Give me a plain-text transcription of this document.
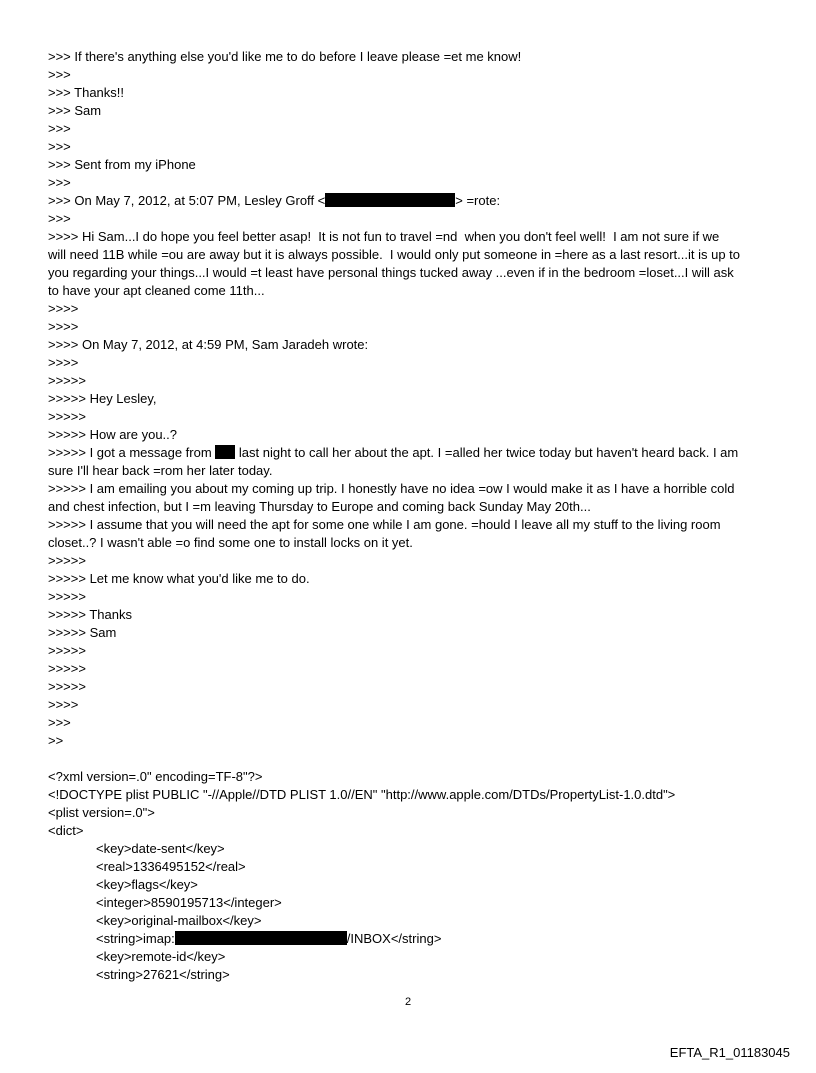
>>> If there's anything else you'd like me to do before I leave please =et me know!
>>>
>>> Thanks!!
>>> Sam
>>>
>>>
>>> Sent from my iPhone
>>>
>>> On May 7, 2012, at 5:07 PM, Lesley Groff <	> =rote:
>>>
>>>> Hi Sam...I do hope you feel better asap!  It is not fun to travel =nd  when you don't feel well!  I am not sure if we
will need 11B while =ou are away but it is always possible.  I would only put someone in =here as a last resort...it is up to
you regarding your things...I would =t least have personal things tucked away ...even if in the bedroom =loset...I will ask
to have your apt cleaned come 11th...
>>>>
>>>>
>>>> On May 7, 2012, at 4:59 PM, Sam Jaradeh wrote:
>>>>
>>>>>
>>>>> Hey Lesley,
>>>>>
>>>>> How are you..?
>>>>> I got a message from  last night to call her about the apt. I =alled her twice today but haven't heard back. I am
sure I'll hear back =rom her later today.
>>>>> I am emailing you about my coming up trip. I honestly have no idea =ow I would make it as I have a horrible cold
and chest infection, but I =m leaving Thursday to Europe and coming back Sunday May 20th...
>>>>> I assume that you will need the apt for some one while I am gone. =hould I leave all my stuff to the living room
closet..? I wasn't able =o find some one to install locks on it yet.
>>>>>
>>>>> Let me know what you'd like me to do.
>>>>>
>>>>> Thanks
>>>>> Sam
>>>>>
>>>>>
>>>>>
>>>>
>>>
>>
<?xml version=.0" encoding=TF-8"?>
<!DOCTYPE plist PUBLIC "-//Apple//DTD PLIST 1.0//EN" "http://www.apple.com/DTDs/PropertyList-1.0.dtd">
<plist version=.0">
<dict>
<key>date-sent</key>
<real>1336495152</real>
<key>flags</key>
<integer>8590195713</integer>
<key>original-mailbox</key>
<string>imap:	/INBOX</string>
<key>remote-id</key>
<string>27621</string>
2
EFTA_R1_01183045
